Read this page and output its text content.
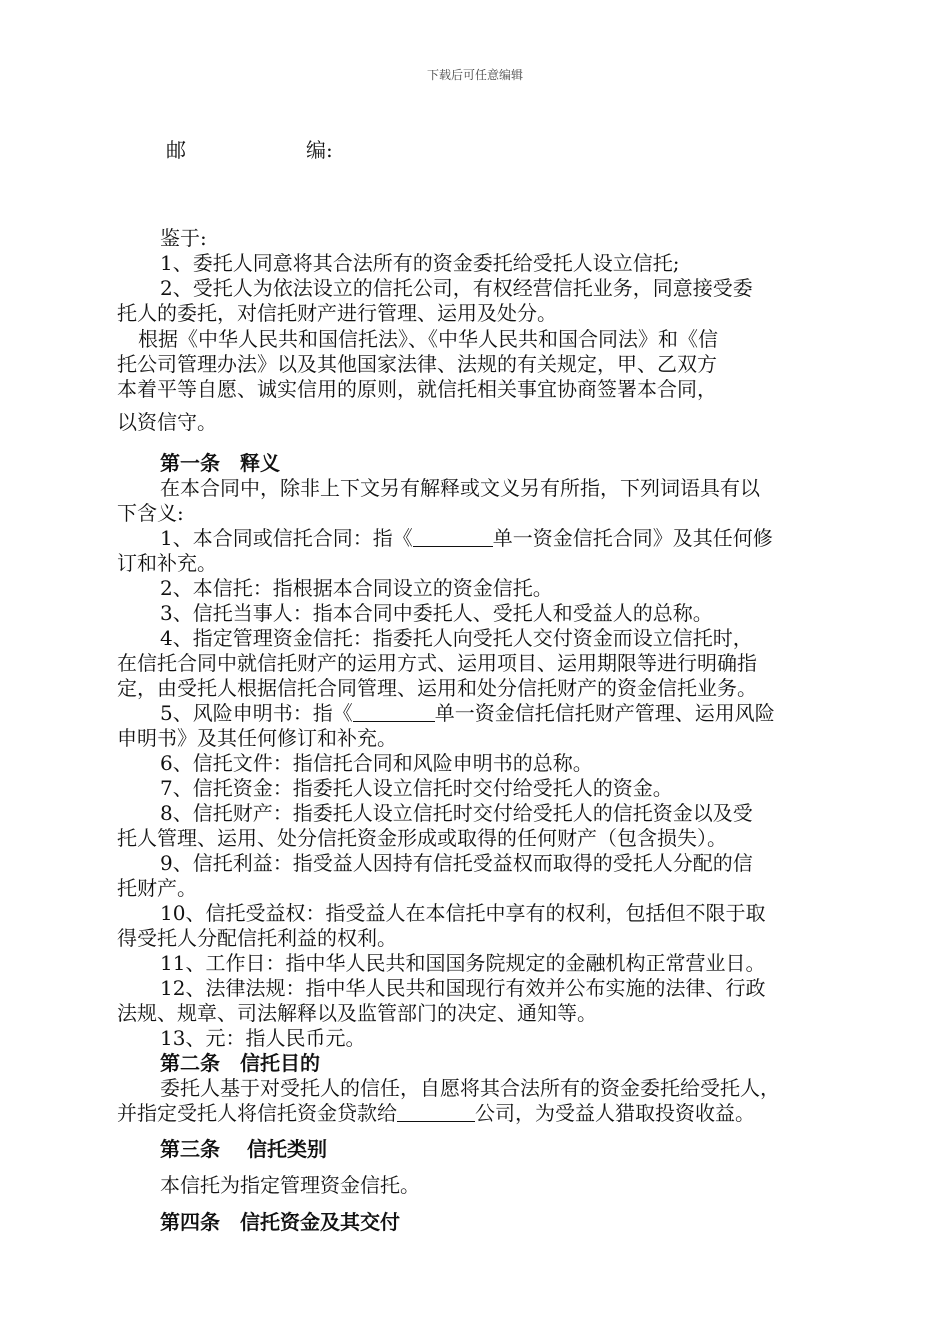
下载后可任意编辑
邮	编:
鉴于:
1、委托人同意将其合法所有的资金委托给受托人设立信托;
2、受托人为依法设立的信托公司，有权经营信托业务，同意接受委
托人的委托，对信托财产进行管理、运用及处分。
根据《中华人民共和国信托法》、《中华人民共和国合同法》和《信
托公司管理办法》以及其他国家法律、法规的有关规定，甲、乙双方
本着平等自愿、诚实信用的原则，就信托相关事宜协商签署本合同，
以资信守。
第一条　释义
在本合同中，除非上下文另有解释或文义另有所指，下列词语具有以
下含义:
1、本合同或信托合同：指《	单一资金信托合同》及其任何修
订和补充。
2、本信托：指根据本合同设立的资金信托。
3、信托当事人：指本合同中委托人、受托人和受益人的总称。
4、指定管理资金信托：指委托人向受托人交付资金而设立信托时，
在信托合同中就信托财产的运用方式、运用项目、运用期限等进行明确指
定，由受托人根据信托合同管理、运用和处分信托财产的资金信托业务。
5、风险申明书：指《	单一资金信托信托财产管理、运用风险
申明书》及其任何修订和补充。
6、信托文件：指信托合同和风险申明书的总称。
7、信托资金：指委托人设立信托时交付给受托人的资金。
8、信托财产：指委托人设立信托时交付给受托人的信托资金以及受
托人管理、运用、处分信托资金形成或取得的任何财产（包含损失）。
9、信托利益：指受益人因持有信托受益权而取得的受托人分配的信
托财产。
10、信托受益权：指受益人在本信托中享有的权利，包括但不限于取
得受托人分配信托利益的权利。
11、工作日：指中华人民共和国国务院规定的金融机构正常营业日。
12、法律法规：指中华人民共和国现行有效并公布实施的法律、行政
法规、规章、司法解释以及监管部门的决定、通知等。
13、元：指人民币元。
第二条　信托目的
委托人基于对受托人的信任，自愿将其合法所有的资金委托给受托人，
并指定受托人将信托资金贷款给	公司，为受益人猎取投资收益。
第三条　 信托类别
本信托为指定管理资金信托。
第四条　信托资金及其交付
